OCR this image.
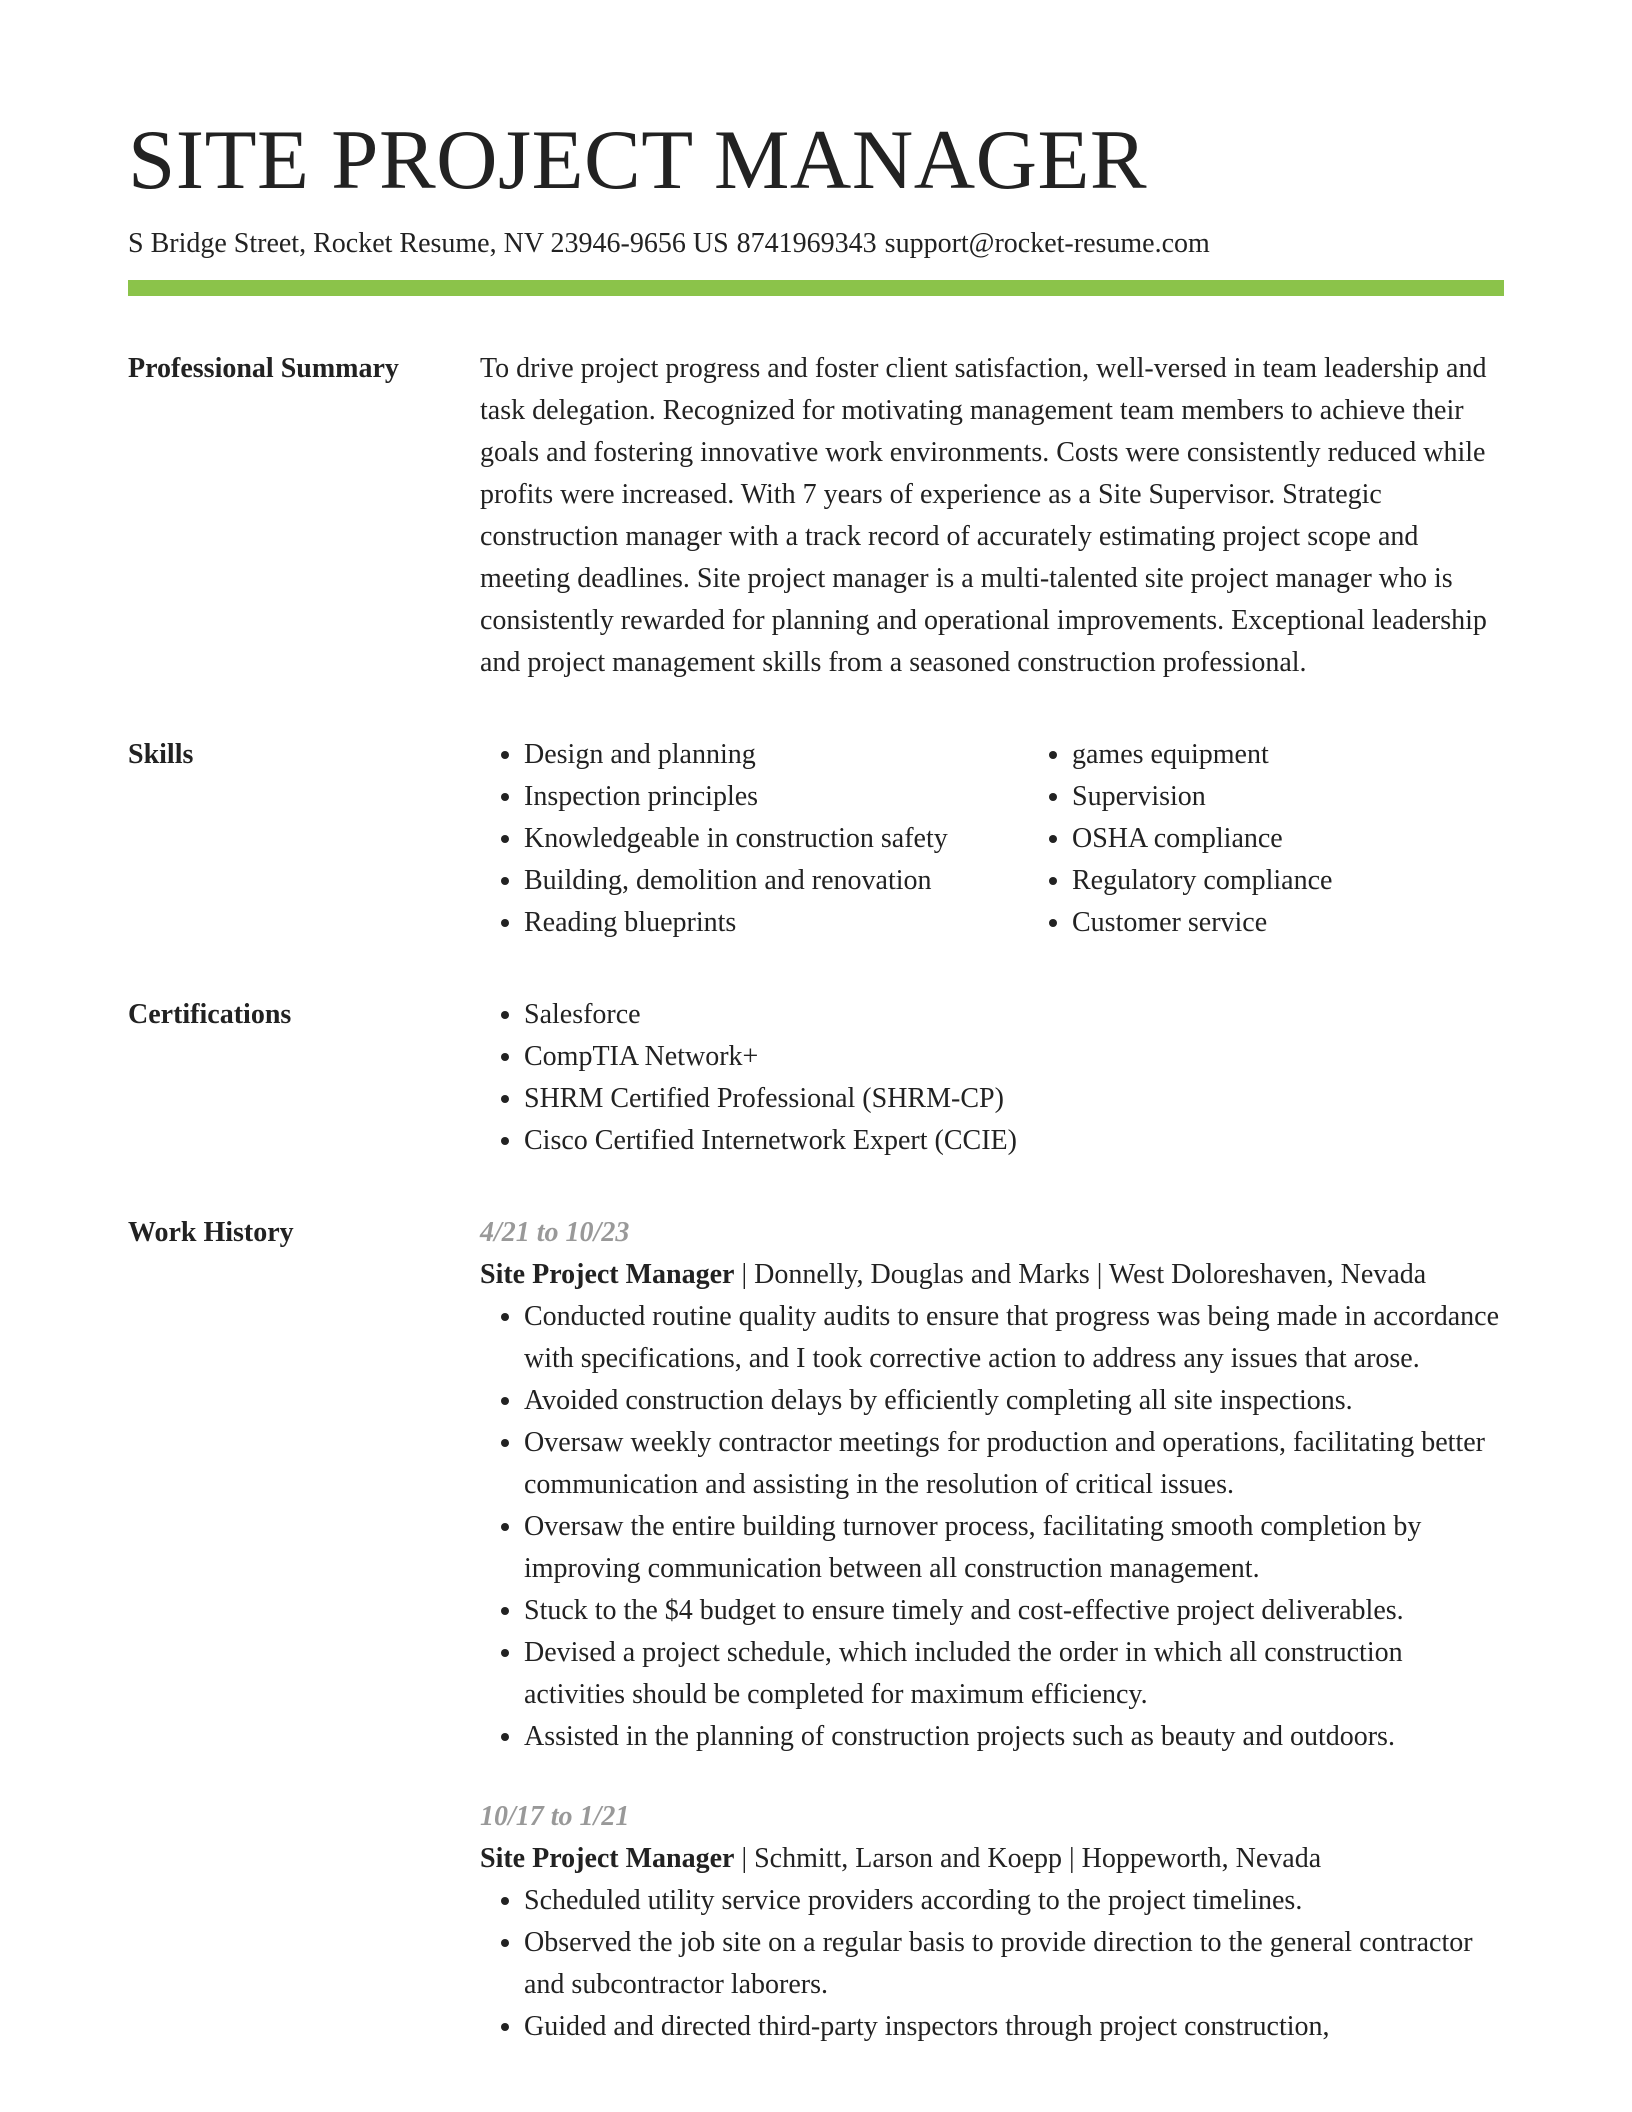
SITE PROJECT MANAGER
S Bridge Street, Rocket Resume, NV 23946-9656 US 8741969343 support@rocket-resume.com
Professional Summary	To drive project progress and foster client satisfaction, well-versed in team leadership and task delegation. Recognized for motivating management team members to achieve their goals and fostering innovative work environments. Costs were consistently reduced while profits were increased. With 7 years of experience as a Site Supervisor. Strategic construction manager with a track record of accurately estimating project scope and meeting deadlines. Site project manager is a multi-talented site project manager who is consistently rewarded for planning and operational improvements. Exceptional leadership and project management skills from a seasoned construction professional.

Skills	• Design and planning
• Inspection principles
• Knowledgeable in construction safety
• Building, demolition and renovation
• Reading blueprints
• games equipment
• Supervision
• OSHA compliance
• Regulatory compliance
• Customer service
Certifications	• Salesforce
• CompTIA Network+
• SHRM Certified Professional (SHRM-CP)
• Cisco Certified Internetwork Expert (CCIE)
Work History	4/21 to 10/23
Site Project Manager | Donnelly, Douglas and Marks | West Doloreshaven, Nevada
• Conducted routine quality audits to ensure that progress was being made in accordance with specifications, and I took corrective action to address any issues that arose.
• Avoided construction delays by efficiently completing all site inspections.
• Oversaw weekly contractor meetings for production and operations, facilitating better communication and assisting in the resolution of critical issues.
• Oversaw the entire building turnover process, facilitating smooth completion by improving communication between all construction management.
• Stuck to the $4 budget to ensure timely and cost-effective project deliverables.
• Devised a project schedule, which included the order in which all construction activities should be completed for maximum efficiency.
• Assisted in the planning of construction projects such as beauty and outdoors.
10/17 to 1/21
Site Project Manager | Schmitt, Larson and Koepp | Hoppeworth, Nevada
• Scheduled utility service providers according to the project timelines.
• Observed the job site on a regular basis to provide direction to the general contractor and subcontractor laborers.
• Guided and directed third-party inspectors through project construction,
